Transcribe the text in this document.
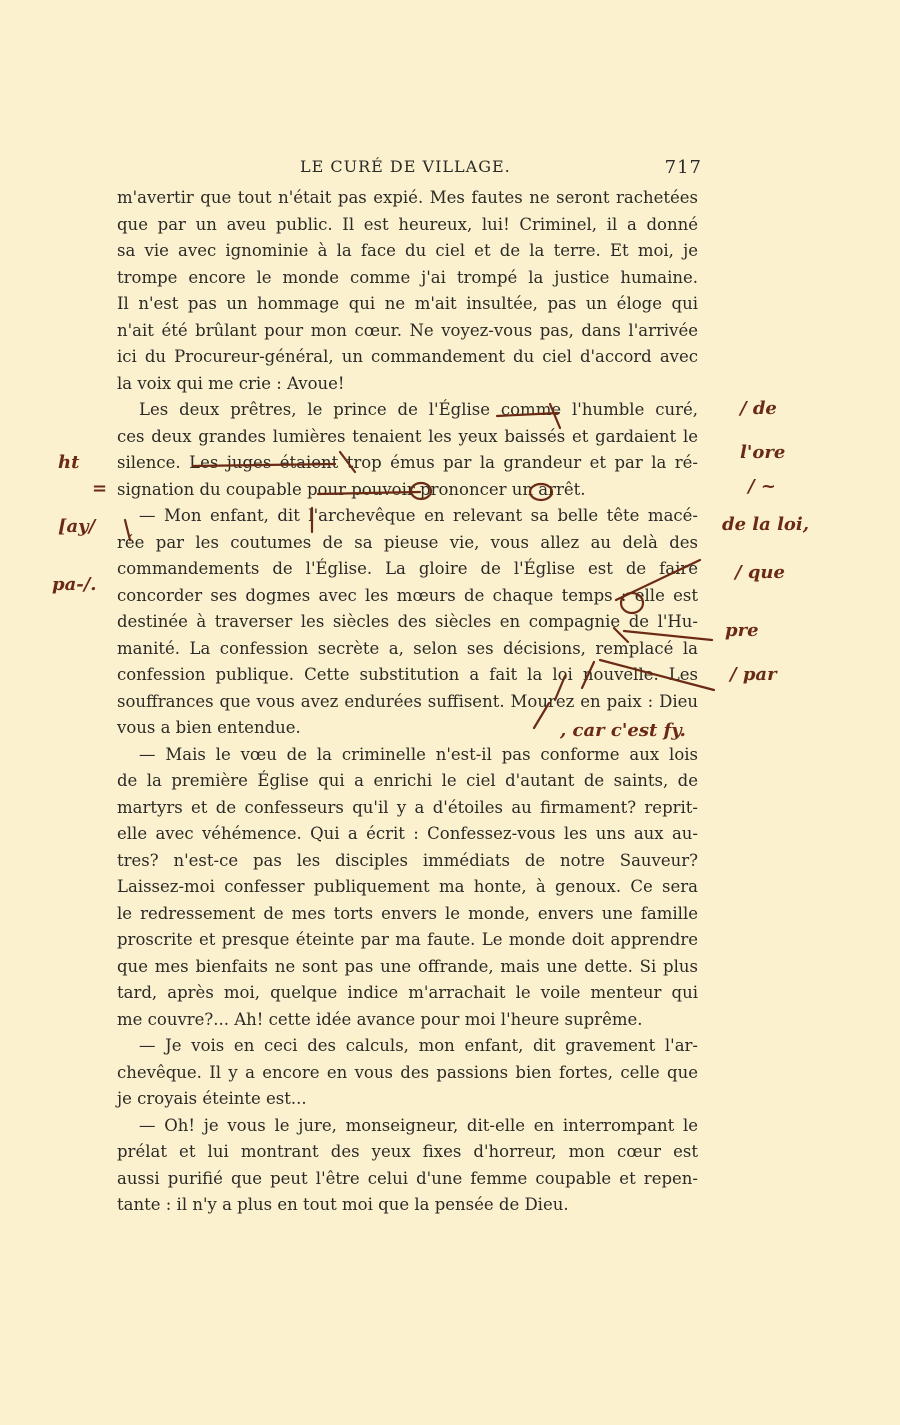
LE CURÉ DE VILLAGE.	717
m'avertir que tout n'était pas expié. Mes fautes ne seront rachetées
que par un aveu public. Il est heureux, lui! Criminel, il a donné
sa vie avec ignominie à la face du ciel et de la terre. Et moi, je
trompe encore le monde comme j'ai trompé la justice humaine.
Il n'est pas un hommage qui ne m'ait insultée, pas un éloge qui
n'ait été brûlant pour mon cœur. Ne voyez-vous pas, dans l'arrivée
ici du Procureur-général, un commandement du ciel d'accord avec
la voix qui me crie : Avoue!
Les deux prêtres, le prince de l'Église comme l'humble curé,
ces deux grandes lumières tenaient les yeux baissés et gardaient le
silence. Les juges étaient trop émus par la grandeur et par la ré-
signation du coupable pour pouvoir prononcer un arrêt.
— Mon enfant, dit l'archevêque en relevant sa belle tête macé-
rée par les coutumes de sa pieuse vie, vous allez au delà des
commandements de l'Église. La gloire de l'Église est de faire
concorder ses dogmes avec les mœurs de chaque temps : elle est
destinée à traverser les siècles des siècles en compagnie de l'Hu-
manité. La confession secrète a, selon ses décisions, remplacé la
confession publique. Cette substitution a fait la loi nouvelle. Les
souffrances que vous avez endurées suffisent. Mourez en paix : Dieu
vous a bien entendue.
— Mais le vœu de la criminelle n'est-il pas conforme aux lois
de la première Église qui a enrichi le ciel d'autant de saints, de
martyrs et de confesseurs qu'il y a d'étoiles au firmament? reprit-
elle avec véhémence. Qui a écrit : Confessez-vous les uns aux au-
tres? n'est-ce pas les disciples immédiats de notre Sauveur?
Laissez-moi confesser publiquement ma honte, à genoux. Ce sera
le redressement de mes torts envers le monde, envers une famille
proscrite et presque éteinte par ma faute. Le monde doit apprendre
que mes bienfaits ne sont pas une offrande, mais une dette. Si plus
tard, après moi, quelque indice m'arrachait le voile menteur qui
me couvre?... Ah! cette idée avance pour moi l'heure suprême.
— Je vois en ceci des calculs, mon enfant, dit gravement l'ar-
chevêque. Il y a encore en vous des passions bien fortes, celle que
je croyais éteinte est...
— Oh! je vous le jure, monseigneur, dit-elle en interrompant le
prélat et lui montrant des yeux fixes d'horreur, mon cœur est
aussi purifié que peut l'être celui d'une femme coupable et repen-
tante : il n'y a plus en tout moi que la pensée de Dieu.
ht
=
[ay/
pa-/.
/ de
l'ore
/ ~
de la loi,
/ que
pre
/ par
, car c'est fy.
